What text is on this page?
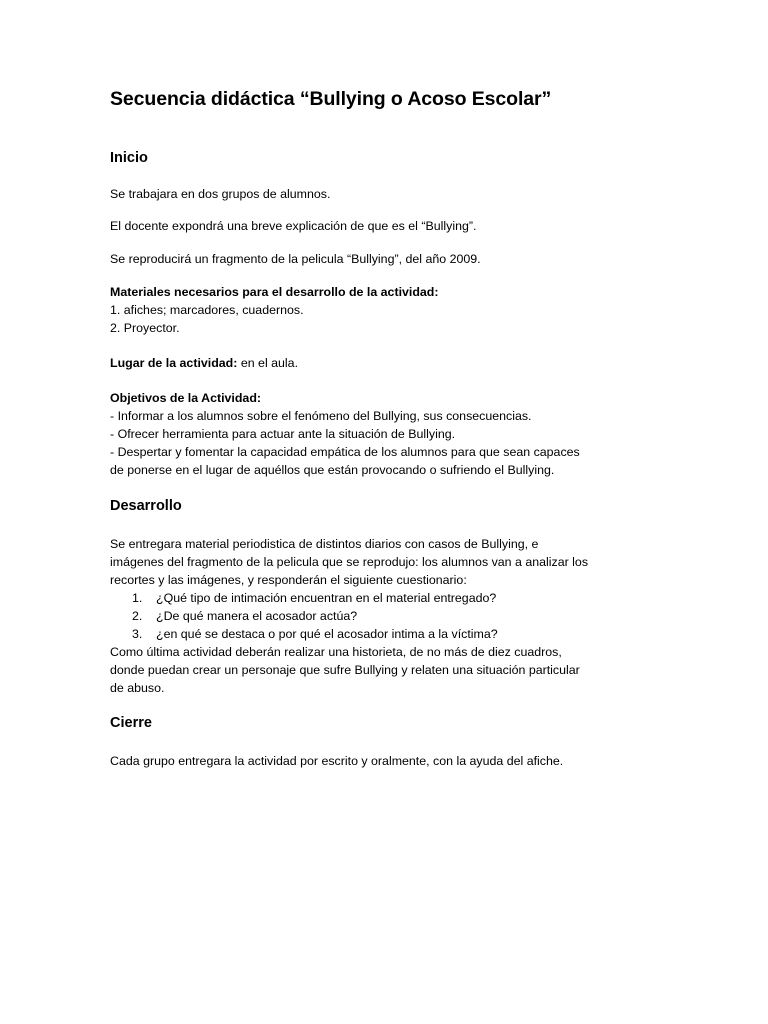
Secuencia didáctica “Bullying o Acoso Escolar”
Inicio

Se trabajara en dos grupos de alumnos.

El docente expondrá una breve explicación de que es el “Bullying”.

Se reproducirá un fragmento de la pelicula “Bullying”, del año 2009.

Materiales necesarios para el desarrollo de la actividad:

1. afiches; marcadores, cuadernos.

2. Proyector.

Lugar de la actividad: en el aula.

Objetivos de la Actividad:

- Informar a los alumnos sobre el fenómeno del Bullying, sus consecuencias.

- Ofrecer herramienta para actuar ante la situación de Bullying.

- Despertar y fomentar la capacidad empática de los alumnos para que sean capaces

de ponerse en el lugar de aquéllos que están provocando o sufriendo el Bullying.

Desarrollo

Se entregara material periodistica de distintos diarios con casos de Bullying, e

imágenes del fragmento de la pelicula que se reprodujo: los alumnos van a analizar los

recortes y las imágenes, y responderán el siguiente cuestionario:

1. ¿Qué tipo de intimación encuentran en el material entregado?
2. ¿De qué manera el acosador actúa?
3. ¿en qué se destaca o por qué el acosador intima a la víctima?

Como última actividad deberán realizar una historieta, de no más de diez cuadros,

donde puedan crear un personaje que sufre Bullying y relaten una situación particular

de abuso.

Cierre

Cada grupo entregara la actividad por escrito y oralmente, con la ayuda del afiche.
